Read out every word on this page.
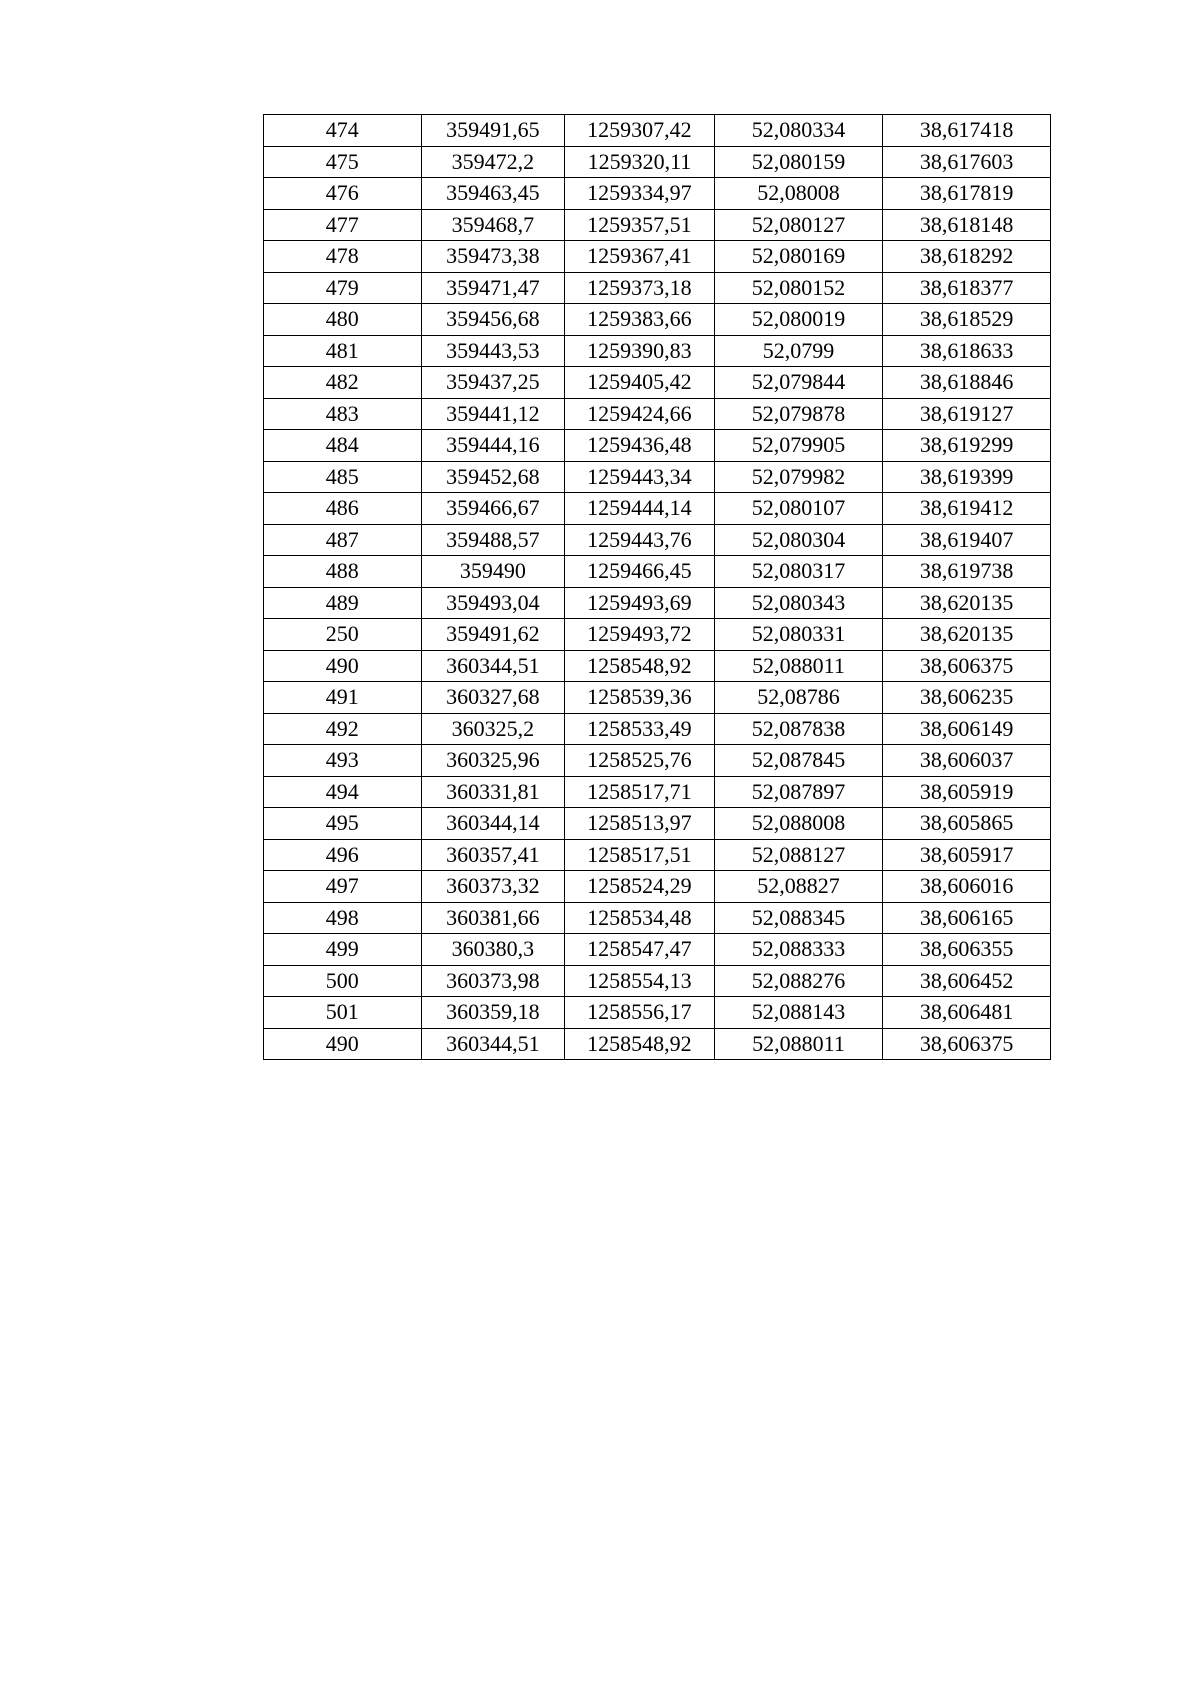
474	359491,65	1259307,42	52,080334	38,617418
475	359472,2	1259320,11	52,080159	38,617603
476	359463,45	1259334,97	52,08008	38,617819
477	359468,7	1259357,51	52,080127	38,618148
478	359473,38	1259367,41	52,080169	38,618292
479	359471,47	1259373,18	52,080152	38,618377
480	359456,68	1259383,66	52,080019	38,618529
481	359443,53	1259390,83	52,0799	38,618633
482	359437,25	1259405,42	52,079844	38,618846
483	359441,12	1259424,66	52,079878	38,619127
484	359444,16	1259436,48	52,079905	38,619299
485	359452,68	1259443,34	52,079982	38,619399
486	359466,67	1259444,14	52,080107	38,619412
487	359488,57	1259443,76	52,080304	38,619407
488	359490	1259466,45	52,080317	38,619738
489	359493,04	1259493,69	52,080343	38,620135
250	359491,62	1259493,72	52,080331	38,620135
490	360344,51	1258548,92	52,088011	38,606375
491	360327,68	1258539,36	52,08786	38,606235
492	360325,2	1258533,49	52,087838	38,606149
493	360325,96	1258525,76	52,087845	38,606037
494	360331,81	1258517,71	52,087897	38,605919
495	360344,14	1258513,97	52,088008	38,605865
496	360357,41	1258517,51	52,088127	38,605917
497	360373,32	1258524,29	52,08827	38,606016
498	360381,66	1258534,48	52,088345	38,606165
499	360380,3	1258547,47	52,088333	38,606355
500	360373,98	1258554,13	52,088276	38,606452
501	360359,18	1258556,17	52,088143	38,606481
490	360344,51	1258548,92	52,088011	38,606375
